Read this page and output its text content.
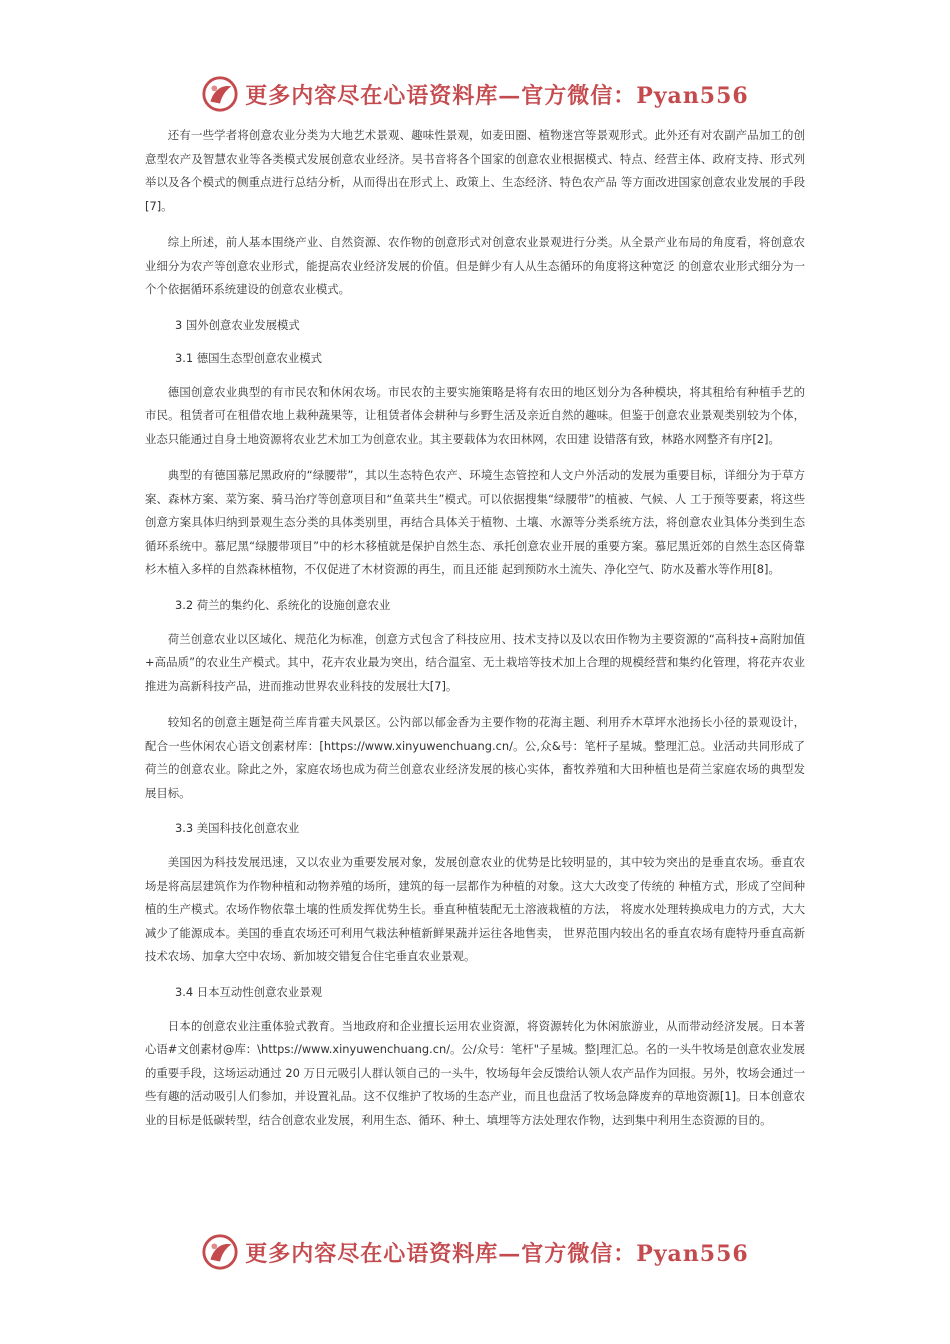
更多内容尽在心语资料库—官方微信：Pyan556

还有一些学者将创意农业分类为大地艺术景观、趣味性景观，如麦田圈、植物迷宫等景观形式。此外还有对农副产品加工的创意型农产及智慧农业等各类模式发展创意农业经济。吴书音将各个国家的创意农业根据模式、特点、经营主体、政府支持、形式列举以及各个模式的侧重点进行总结分析，从而得出在形式上、政策上、生态经济、特色农产品 等方面改进国家创意农业发展的手段[7]。

综上所述，前人基本围绕产业、自然资源、农作物的创意形式对创意农业景观进行分类。从全景产业布局的角度看，将创意农业细分为农产等创意农业形式，能提高农业经济发展的价值。但是鲜少有人从生态循环的角度将这种宽泛 的创意农业形式细分为一个个依据循环系统建设的创意农业模式。

3 国外创意农业发展模式

3.1 德国生态型创意农业模式

德国创意农业典型的有市民农ۚ和休闲农场。市民农ۚ的主要实施策略是将有农田的地区划分为各种模块，将其租给有种植手艺的市民。租赁者可在租借农地上栽种蔬果等，让租赁者体会耕种与乡野生活及亲近自然的趣味。但鉴于创意农业景观类别较为个体，业态只能通过自身土地资源将农业艺术加工为创意农业。其主要载体为农田林网，农田建 设错落有致，林路水网整齐有序[2]。

典型的有德国慕尼黑政府的“绿腰带”，其以生态特色农产、环境生态管控和人文户外活动的发展为重要目标，详细分为于草方案、森林方案、菜ۚ方案、骑马治疗等创意项目和“鱼菜共生”模式。可以依据搜集“绿腰带”的植被、气候、人 工于预等要素，将这些创意方案具体归纳到景观生态分类的具体类别里，再结合具体关于植物、土壤、水源等分类系统方法，将创意农业ۚ具体分类到生态循环系统中。慕尼黑“绿腰带项目”中的杉木移植就是保护自然生态、承托创意农业开展的重要方案。慕尼黑近郊的自然生态区倚靠杉木植入多样的自然森林植物，不仅促进了木材资源的再生，而且还能 起到预防水土流失、净化空气、防水及蓄水等作用[8]。

3.2 荷兰的集约化、系统化的设施创意农业

荷兰创意农业以区域化、规范化为标准，创意方式包含了科技应用、技术支持以及以农田作物为主要资源的“高科技+高附加值+高品质”的农业生产模式。其中，花卉农业最为突出，结合温室、无土栽培等技术加上合理的规模经营和集约化管理，将花卉农业推进为高新科技产品，进而推动世界农业科技的发展壮大[7]。

较知名的创意主题ۚ是荷兰库肯霍夫风景区。公ۚ内部以郁金香为主要作物的花海主题、利用乔木草坪水池扬长小径的景观设计，配合一些休闲农心语文创素材库：[https://www.xinyuwenchuang.cn/。公,众&号：笔杆子星城。整理汇总。业活动共同形成了荷兰的创意农业。除此之外，家庭农场也成为荷兰创意农业经济发展的核心实体，畜牧养殖和大田种植也是荷兰家庭农场的典型发展目标。

3.3 美国科技化创意农业

美国因为科技发展迅速，又以农业为重要发展对象，发展创意农业的优势是比较明显的，其中较为突出的是垂直农场。垂直农场是将高层建筑作为作物种植和动物养殖的场所，建筑的每一层都作为种植的对象。这大大改变了传统的 种植方式，形成了空间种植的生产模式。农场作物依靠土壤的性质发挥优势生长。垂直种植装配无土溶液栽植的方法， 将废水处理转换成电力的方式，大大减少了能源成本。美国的垂直农场还可利用气栽法种植新鲜果蔬并运往各地售卖， 世界范围内较出名的垂直农场有鹿特丹垂直高新技术农场、加拿大空中农场、新加坡交错复合住宅垂直农业景观。

3.4 日本互动性创意农业景观

日本的创意农业注重体验式教育。当地政府和企业擅长运用农业资源，将资源转化为休闲旅游业，从而带动经济发展。日本著心语#文创素材@库：\https://www.xinyuwenchuang.cn/。公/众号：笔杆"子星城。整|理汇总。名的一头牛牧场是创意农业发展的重要手段，这场运动通过 20 万日元吸引人群认领自己的一头牛，牧场每年会反馈给认领人农产品作为回报。另外，牧场会通过一些有趣的活动吸引人们参加，并设置礼品。这不仅维护了牧场的生态产业，而且也盘活了牧场急降废弃的草地资源[1]。日本创意农业的目标是低碳转型，结合创意农业发展，利用生态、循环、种土、填埋等方法处理农作物，达到集中利用生态资源的目的。

更多内容尽在心语资料库—官方微信：Pyan556
